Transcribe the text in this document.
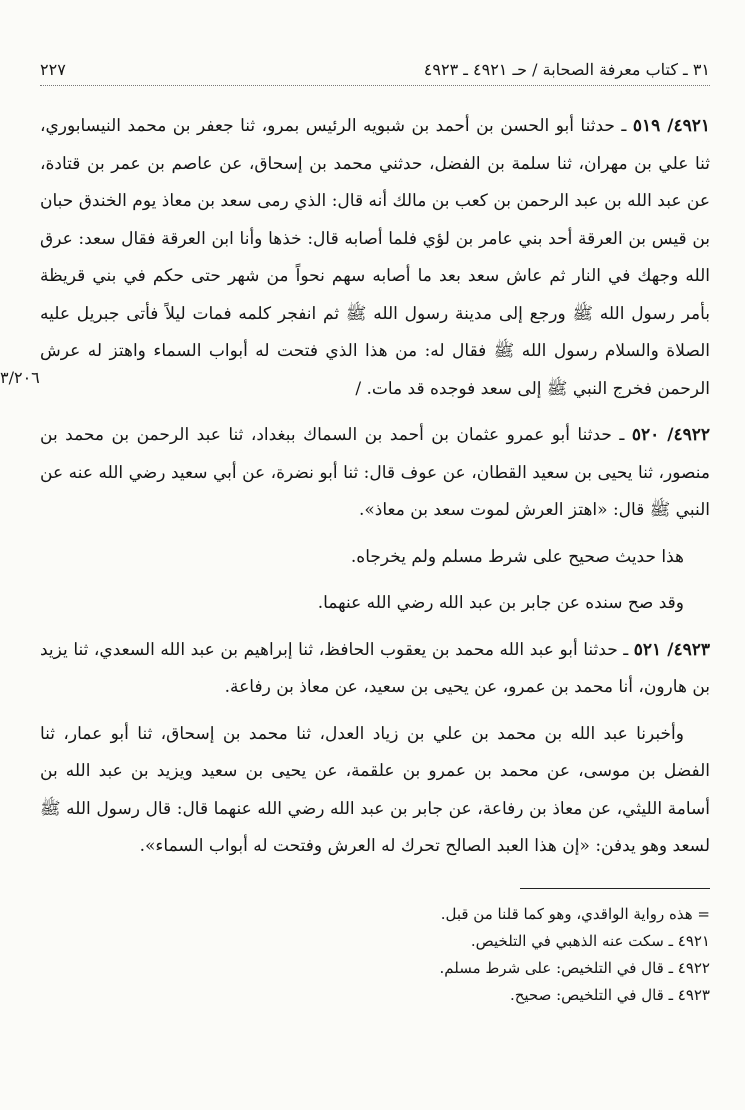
٣١ ـ كتاب معرفة الصحابة / حـ ٤٩٢١ ـ ٤٩٢٣
٢٢٧

٤٩٢١/ ٥١٩ ـ حدثنا أبو الحسن بن أحمد بن شبويه الرئيس بمرو، ثنا جعفر بن محمد النيسابوري، ثنا علي بن مهران، ثنا سلمة بن الفضل، حدثني محمد بن إسحاق، عن عاصم بن عمر بن قتادة، عن عبد الله بن عبد الرحمن بن كعب بن مالك أنه قال: الذي رمى سعد بن معاذ يوم الخندق حبان بن قيس بن العرقة أحد بني عامر بن لؤي فلما أصابه قال: خذها وأنا ابن العرقة فقال سعد: عرق الله وجهك في النار ثم عاش سعد بعد ما أصابه سهم نحواً من شهر حتى حكم في بني قريظة بأمر رسول الله ﷺ ورجع إلى مدينة رسول الله ﷺ ثم انفجر كلمه فمات ليلاً فأتى جبريل عليه الصلاة والسلام رسول الله ﷺ فقال له: من هذا الذي فتحت له أبواب السماء واهتز له عرش الرحمن فخرج النبي ﷺ إلى سعد فوجده قد مات. /

٤٩٢٢/ ٥٢٠ ـ حدثنا أبو عمرو عثمان بن أحمد بن السماك ببغداد، ثنا عبد الرحمن بن محمد بن منصور، ثنا يحيى بن سعيد القطان، عن عوف قال: ثنا أبو نضرة، عن أبي سعيد رضي الله عنه عن النبي ﷺ قال: «اهتز العرش لموت سعد بن معاذ».

هذا حديث صحيح على شرط مسلم ولم يخرجاه.

وقد صح سنده عن جابر بن عبد الله رضي الله عنهما.

٤٩٢٣/ ٥٢١ ـ حدثنا أبو عبد الله محمد بن يعقوب الحافظ، ثنا إبراهيم بن عبد الله السعدي، ثنا يزيد بن هارون، أنا محمد بن عمرو، عن يحيى بن سعيد، عن معاذ بن رفاعة.

وأخبرنا عبد الله بن محمد بن علي بن زياد العدل، ثنا محمد بن إسحاق، ثنا أبو عمار، ثنا الفضل بن موسى، عن محمد بن عمرو بن علقمة، عن يحيى بن سعيد ويزيد بن عبد الله بن أسامة الليثي، عن معاذ بن رفاعة، عن جابر بن عبد الله رضي الله عنهما قال: قال رسول الله ﷺ لسعد وهو يدفن: «إن هذا العبد الصالح تحرك له العرش وفتحت له أبواب السماء».

= هذه رواية الواقدي، وهو كما قلنا من قبل.
٤٩٢١ ـ سكت عنه الذهبي في التلخيص.
٤٩٢٢ ـ قال في التلخيص: على شرط مسلم.
٤٩٢٣ ـ قال في التلخيص: صحيح.
٣/٢٠٦
